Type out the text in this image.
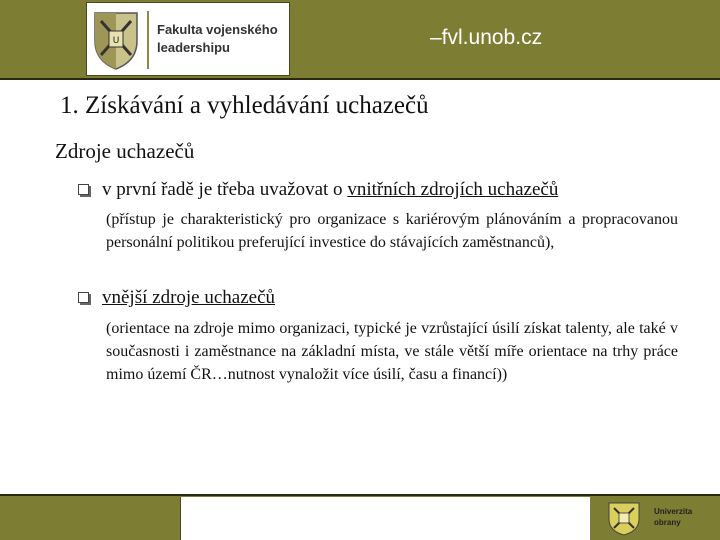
U
Fakulta vojenského
leadershipu	–fvl.unob.cz
1. Získávání a vyhledávání uchazečů
Zdroje uchazečů
v první řadě je třeba uvažovat o vnitřních zdrojích uchazečů
(přístup je charakteristický pro organizace s kariérovým plánováním a propracovanou personální politikou preferující investice do stávajících zaměstnanců),
vnější zdroje uchazečů
(orientace na zdroje mimo organizaci, typické je vzrůstající úsilí získat talenty, ale také v současnosti i zaměstnance na základní místa, ve stále větší míře orientace na trhy práce mimo území ČR…nutnost vynaložit více úsilí, času a financí))
Univerzita
obrany
